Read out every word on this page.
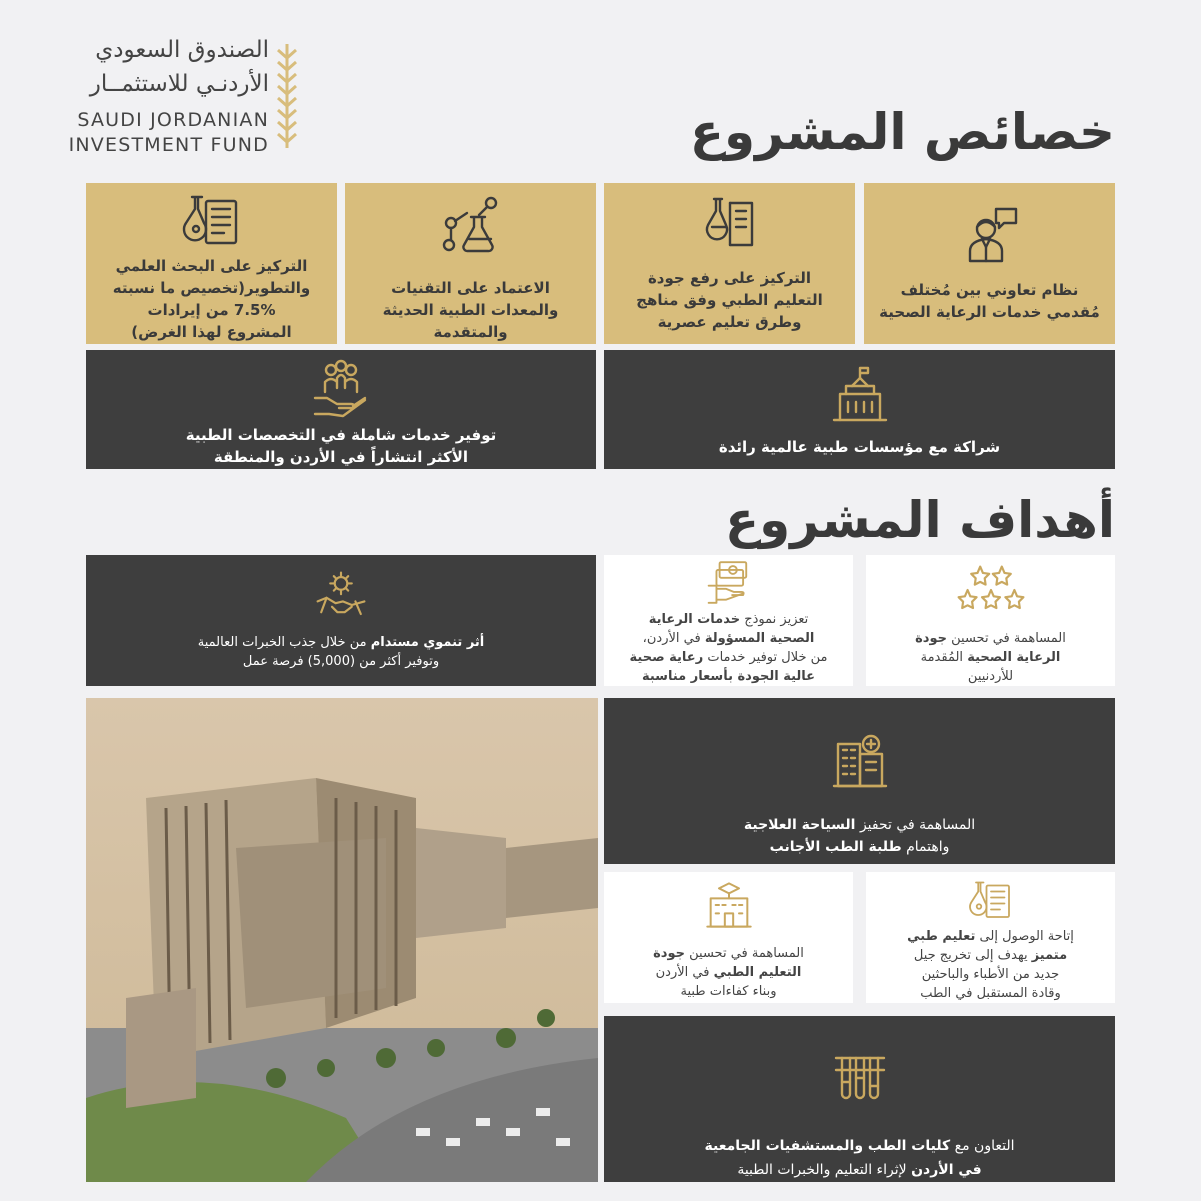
الصندوق السعودي
الأردنـي للاستثمــار
SAUDI JORDANIAN
INVESTMENT FUND	خصائص المشروع
نظام تعاوني بين مُختلف
مُقدمي خدمات الرعاية الصحية
التركيز على رفع جودة
التعليم الطبي وفق مناهج
وطرق تعليم عصرية
الاعتماد على التقنيات
والمعدات الطبية الحديثة
والمتقدمة
التركيز على البحث العلمي
والتطوير(تخصيص ما نسبته
7.5% من إيرادات
المشروع لهذا الغرض)
شراكة مع مؤسسات طبية عالمية رائدة
توفير خدمات شاملة في التخصصات الطبية
الأكثر انتشاراً في الأردن والمنطقة
أهداف المشروع
المساهمة في تحسين جودة
الرعاية الصحية المُقدمة
للأردنيين
تعزيز نموذج خدمات الرعاية
الصحية المسؤولة في الأردن،
من خلال توفير خدمات رعاية صحية
عالية الجودة بأسعار مناسبة
أثر تنموي مستدام من خلال جذب الخبرات العالمية
وتوفير أكثر من (5,000) فرصة عمل
المساهمة في تحفيز السياحة العلاجية
واهتمام طلبة الطب الأجانب
إتاحة الوصول إلى تعليم طبي
متميز يهدف إلى تخريج جيل
جديد من الأطباء والباحثين
وقادة المستقبل في الطب
المساهمة في تحسين جودة
التعليم الطبي في الأردن
وبناء كفاءات طبية
التعاون مع كليات الطب والمستشفيات الجامعية
في الأردن لإثراء التعليم والخبرات الطبية
